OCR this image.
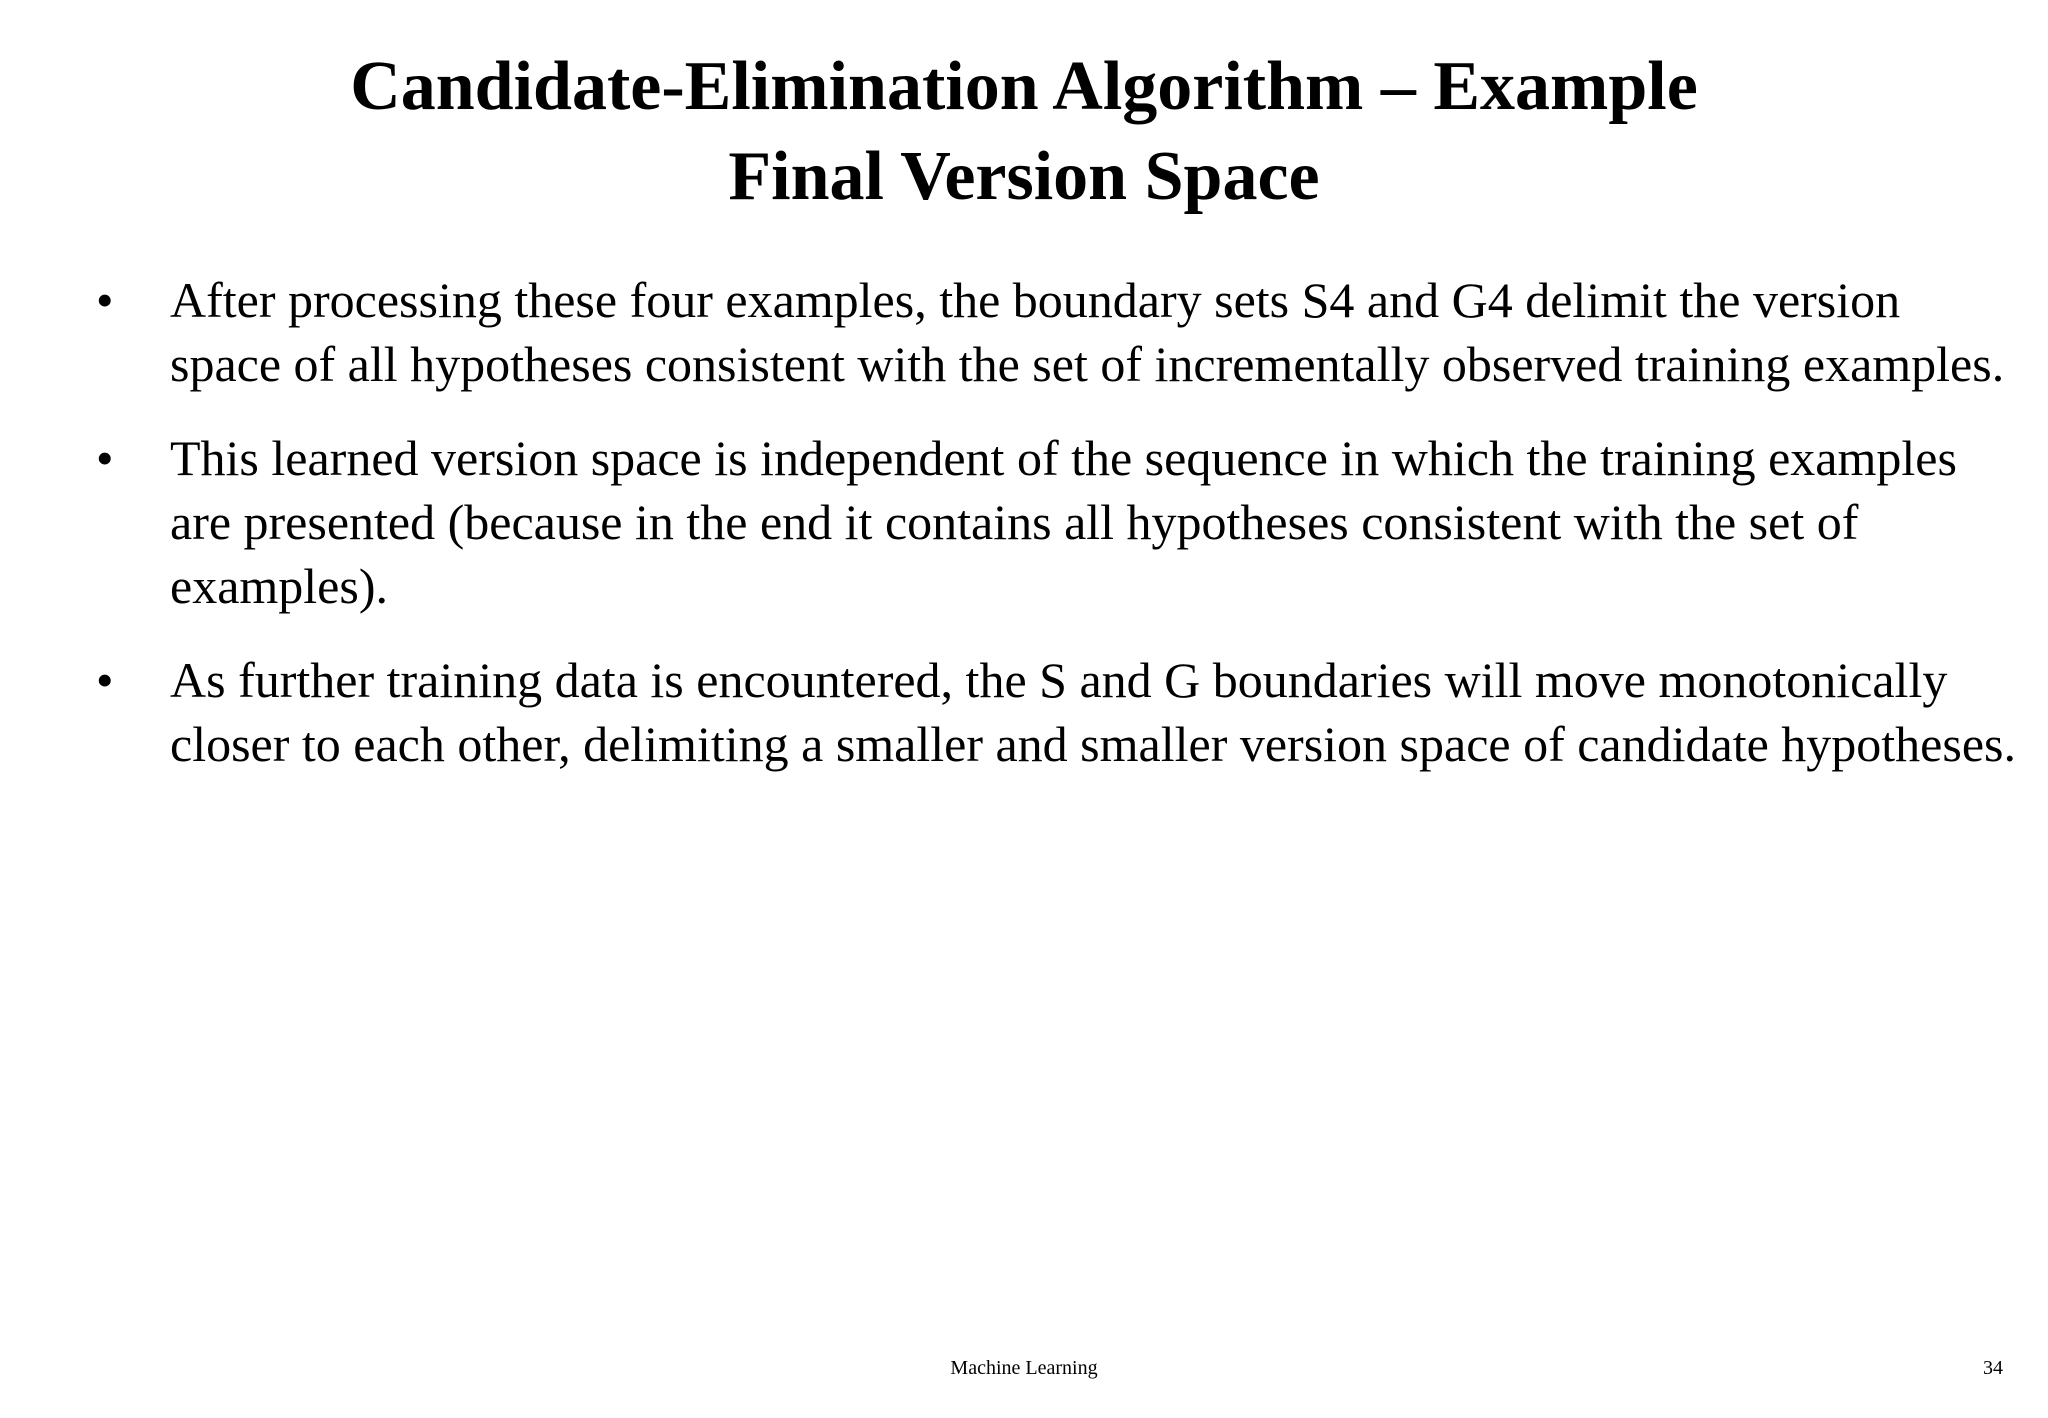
Candidate-Elimination Algorithm – Example
Final Version Space
• After processing these four examples, the boundary sets S4 and G4 delimit the version space of all hypotheses consistent with the set of incrementally observed training examples.
• This learned version space is independent of the sequence in which the training examples are presented (because in the end it contains all hypotheses consistent with the set of examples).
• As further training data is encountered, the S and G boundaries will move monotonically closer to each other, delimiting a smaller and smaller version space of candidate hypotheses.
Machine Learning	34
